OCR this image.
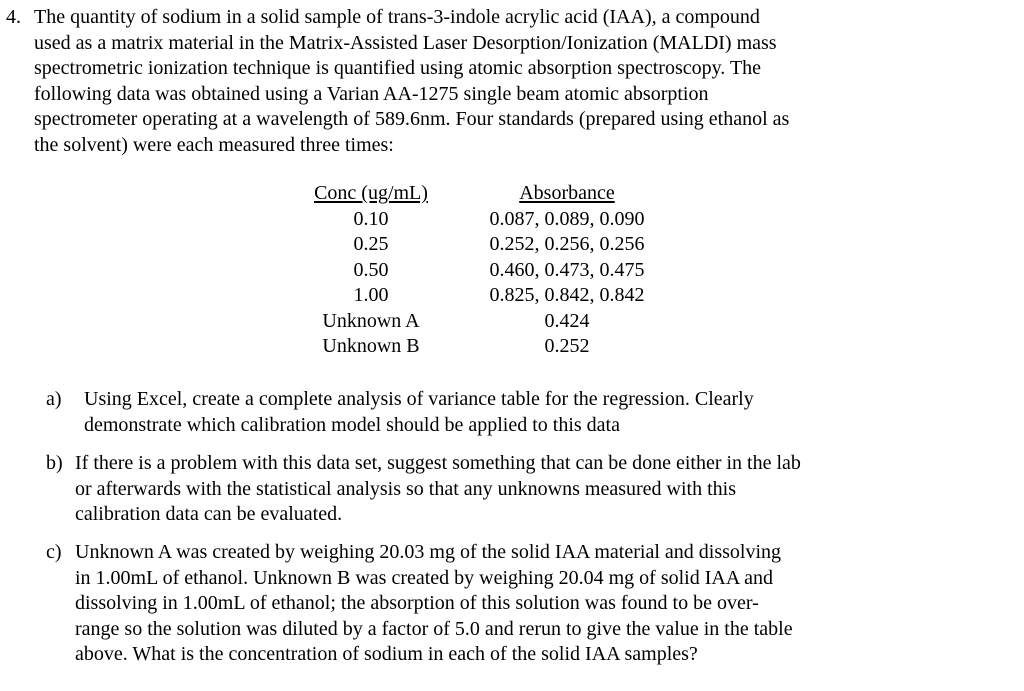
4. The quantity of sodium in a solid sample of trans-3-indole acrylic acid (IAA), a compound
used as a matrix material in the Matrix-Assisted Laser Desorption/Ionization (MALDI) mass
spectrometric ionization technique is quantified using atomic absorption spectroscopy. The
following data was obtained using a Varian AA-1275 single beam atomic absorption
spectrometer operating at a wavelength of 589.6nm. Four standards (prepared using ethanol as
the solvent) were each measured three times:
Conc (ug/mL)	Absorbance
0.10	0.087, 0.089, 0.090
0.25	0.252, 0.256, 0.256
0.50	0.460, 0.473, 0.475
1.00	0.825, 0.842, 0.842
Unknown A	0.424
Unknown B	0.252
a) Using Excel, create a complete analysis of variance table for the regression. Clearly
demonstrate which calibration model should be applied to this data
b) If there is a problem with this data set, suggest something that can be done either in the lab
or afterwards with the statistical analysis so that any unknowns measured with this
calibration data can be evaluated.
c) Unknown A was created by weighing 20.03 mg of the solid IAA material and dissolving
in 1.00mL of ethanol. Unknown B was created by weighing 20.04 mg of solid IAA and
dissolving in 1.00mL of ethanol; the absorption of this solution was found to be over-
range so the solution was diluted by a factor of 5.0 and rerun to give the value in the table
above. What is the concentration of sodium in each of the solid IAA samples?
